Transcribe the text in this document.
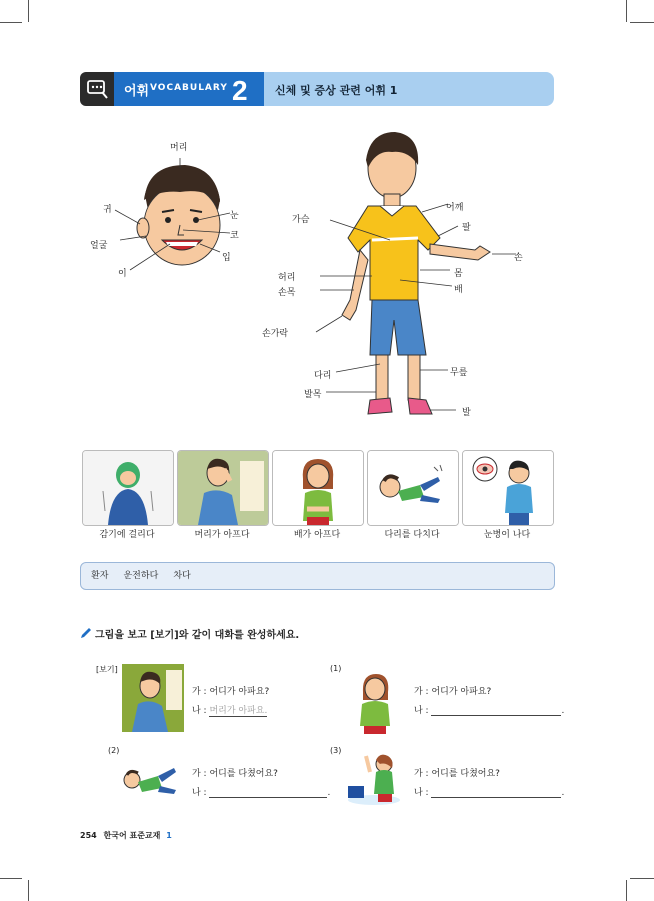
어휘 VOCABULARY 2 신체 및 증상 관련 어휘 1
머리
귀
얼굴
이
눈
코
입
가슴
어깨
팔
손
허리
손목
몸
배
손가락
다리	무릎
발목
발
감기에 걸리다	머리가 아프다	배가 아프다	다리를 다치다	눈병이 나다
환자 운전하다 차다
그림을 보고 [보기]와 같이 대화를 완성하세요.
[보기]
가 : 어디가 아파요?
나 : 머리가 아파요.
(1)
가 : 어디가 아파요?
나 :	.
(2)
가 : 어디를 다쳤어요?
나 :	.
(3)
가 : 어디를 다쳤어요?
나 :	.
254 한국어 표준교재 1
